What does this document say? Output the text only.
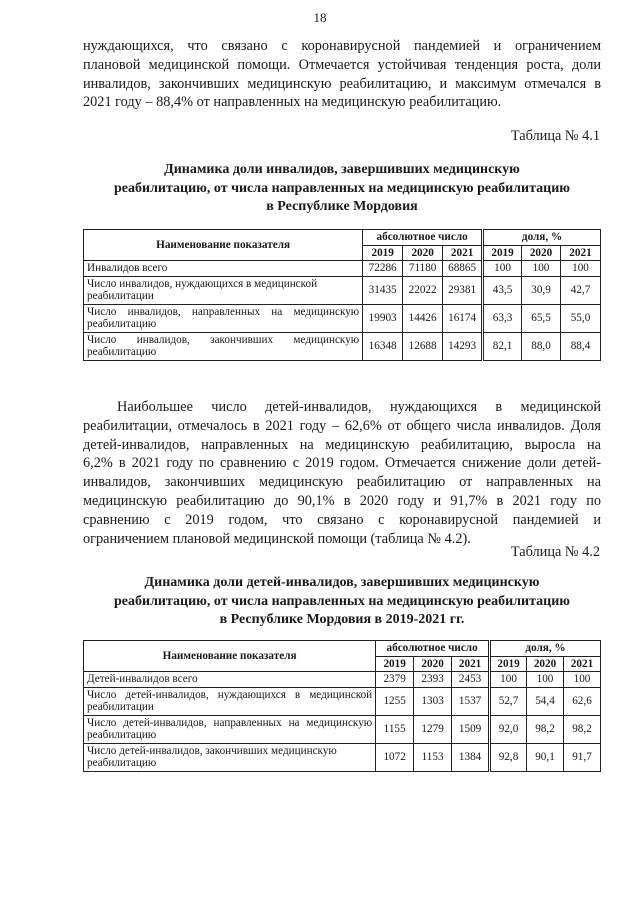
18
нуждающихся, что связано с коронавирусной пандемией и ограничением
плановой медицинской помощи. Отмечается устойчивая тенденция роста, доли
инвалидов, закончивших медицинскую реабилитацию, и максимум отмечался в
2021 году – 88,4% от направленных на медицинскую реабилитацию.
Таблица № 4.1
Динамика доли инвалидов, завершивших медицинскую
реабилитацию, от числа направленных на медицинскую реабилитацию
в Республике Мордовия
Наименование показателя	абсолютное число			доля, %		
	2019	2020	2021	2019	2020	2021
Инвалидов всего	72286	71180	68865	100	100	100
Число инвалидов, нуждающихся в медицинской реабилитации	31435	22022	29381	43,5	30,9	42,7
Число инвалидов, направленных на медицинскую реабилитацию	19903	14426	16174	63,3	65,5	55,0
Число инвалидов, закончивших медицинскую реабилитацию	16348	12688	14293	82,1	88,0	88,4
Наибольшее число детей-инвалидов, нуждающихся в медицинской
реабилитации, отмечалось в 2021 году – 62,6% от общего числа инвалидов. Доля
детей-инвалидов, направленных на медицинскую реабилитацию, выросла на
6,2% в 2021 году по сравнению с 2019 годом. Отмечается снижение доли детей-
инвалидов, закончивших медицинскую реабилитацию от направленных на
медицинскую реабилитацию до 90,1% в 2020 году и 91,7% в 2021 году по
сравнению с 2019 годом, что связано с коронавирусной пандемией и
ограничением плановой медицинской помощи (таблица № 4.2).
Таблица № 4.2
Динамика доли детей-инвалидов, завершивших медицинскую
реабилитацию, от числа направленных на медицинскую реабилитацию
в Республике Мордовия в 2019-2021 гг.
Наименование показателя	абсолютное число			доля, %		
	2019	2020	2021	2019	2020	2021
Детей-инвалидов всего	2379	2393	2453	100	100	100
Число детей-инвалидов, нуждающихся в медицинской реабилитации	1255	1303	1537	52,7	54,4	62,6
Число детей-инвалидов, направленных на медицинскую реабилитацию	1155	1279	1509	92,0	98,2	98,2
Число детей-инвалидов, закончивших медицинскую реабилитацию	1072	1153	1384	92,8	90,1	91,7
